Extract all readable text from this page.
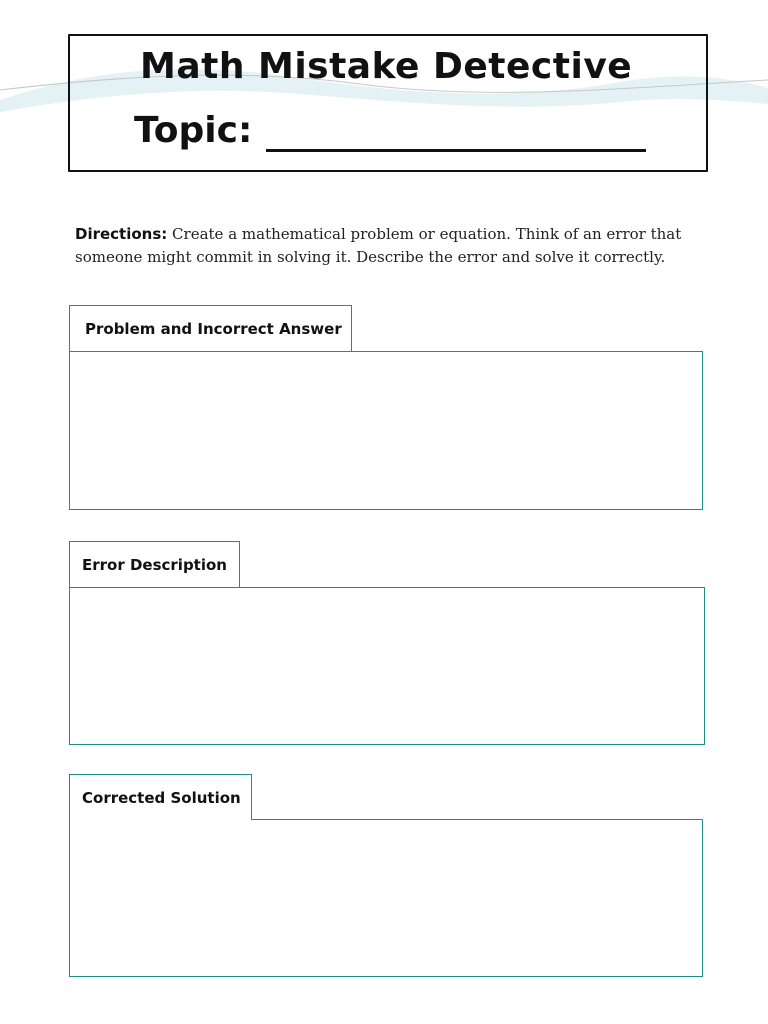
Math Mistake Detective
Topic:
Directions: Create a mathematical problem or equation. Think of an error that someone might commit in solving it. Describe the error and solve it correctly.
Problem and Incorrect Answer
Error Description
Corrected Solution
